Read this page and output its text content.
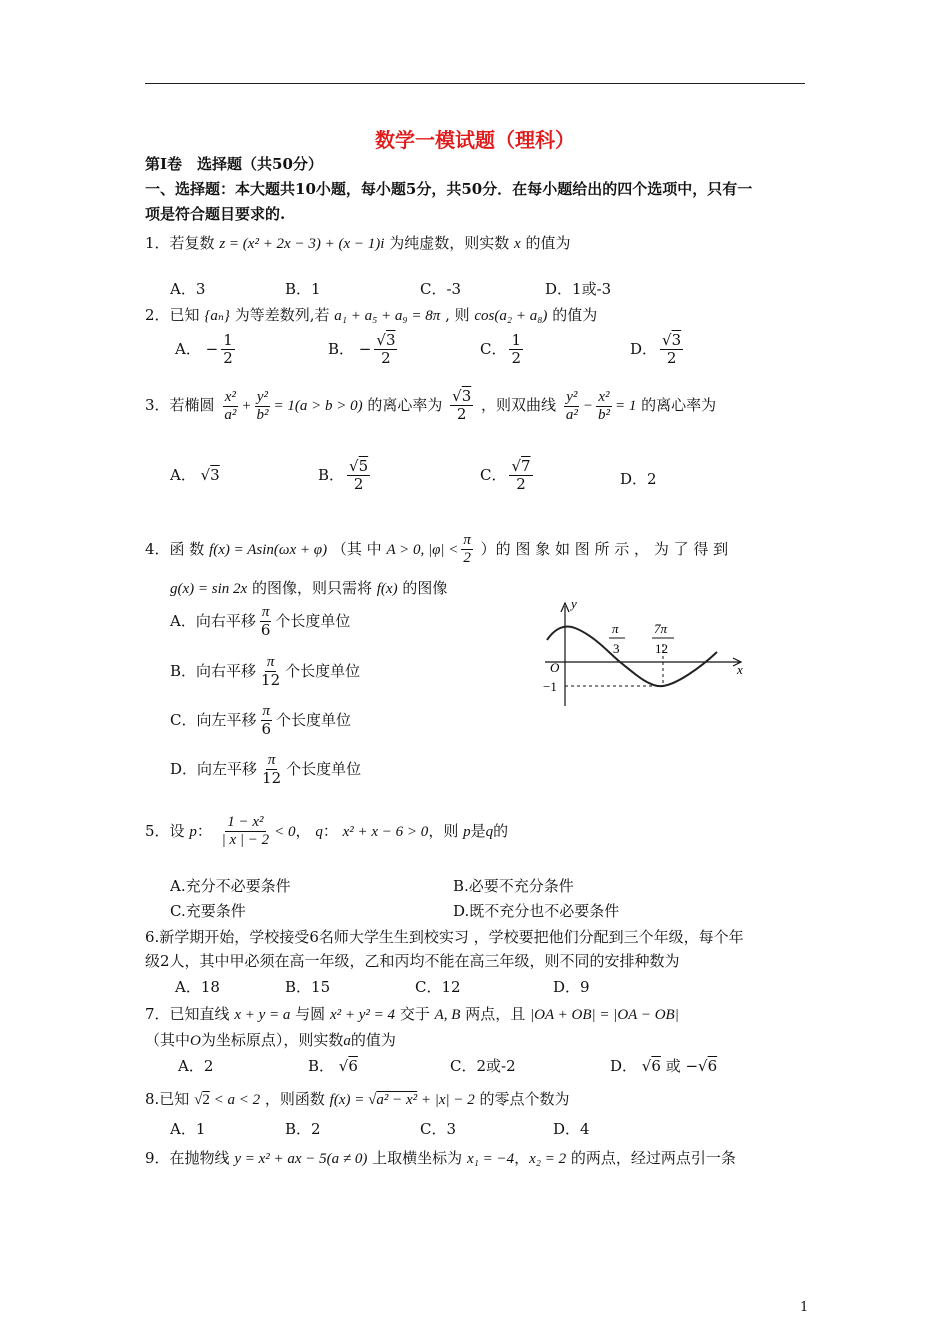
数学一模试题（理科）
第Ⅰ卷　选择题（共50分）
一、选择题：本大题共10小题，每小题5分，共50分．在每小题给出的四个选项中，只有一
项是符合题目要求的.
1．若复数 z = (x² + 2x − 3) + (x − 1)i 为纯虚数，则实数 x 的值为
A．3	B．1	C．-3	D．1或-3
2．已知 {aₙ} 为等差数列,若 a₁ + a₅ + a₉ = 8π , 则 cos(a₂ + a₈) 的值为
A． − $\frac{1}{2}$	B． − $\frac{√3}{2}$	C． $\frac{1}{2}$	D． $\frac{√3}{2}$
3．若椭圆 $\frac{\text{x²}}{\text{a²}} + \frac{\text{y²}}{\text{b²}} = 1(a > b > 0)$ 的离心率为 $\frac{√3}{2}$ ，则双曲线 $\frac{\text{y²}}{\text{a²}} - \frac{\text{x²}}{\text{b²}} = 1$ 的离心率为
A． √3	B． $\frac{√5}{2}$	C． $\frac{√7}{2}$	D．2
4．函 数 f(x) = Asin(ωx + φ) （其 中 A > 0, $|\varphi| < \frac{\pi}{2}$ ）的 图 象 如 图 所 示 ， 为 了 得 到
g(x) = sin 2x 的图像，则只需将 f(x) 的图像
A．向右平移 $\frac{\pi}{6}$ 个长度单位
B．向右平移 $\frac{\pi}{12}$ 个长度单位
C．向左平移 $\frac{\pi}{6}$ 个长度单位
D．向左平移 $\frac{\pi}{12}$ 个长度单位
y
x
O
π
3
7π
12
−1
5．设 p： $\frac{\text{1 − x²}}{| x | - 2} < 0$， q： x² + x − 6 > 0，则 p是q的
A.充分不必要条件	B.必要不充分条件
C.充要条件	D.既不充分也不必要条件
6.新学期开始，学校接受6名师大学生生到校实习 ，学校要把他们分配到三个年级，每个年
级2人，其中甲必须在高一年级，乙和丙均不能在高三年级，则不同的安排种数为
A．18	B．15	C．12	D．9
7．已知直线 x + y = a 与圆 x² + y² = 4 交于 A, B 两点，且 |OA + OB| = |OA − OB|
（其中O为坐标原点），则实数a的值为
A．2	B． √6	C．2或-2	D． √6 或 −√6
8.已知 √2 < a < 2 ，则函数 f(x) = √a² − x² + |x| − 2 的零点个数为
A．1	B．2	C．3	D．4
9．在抛物线 y = x² + ax − 5(a ≠ 0) 上取横坐标为 x₁ = −4，x₂ = 2 的两点，经过两点引一条
1
